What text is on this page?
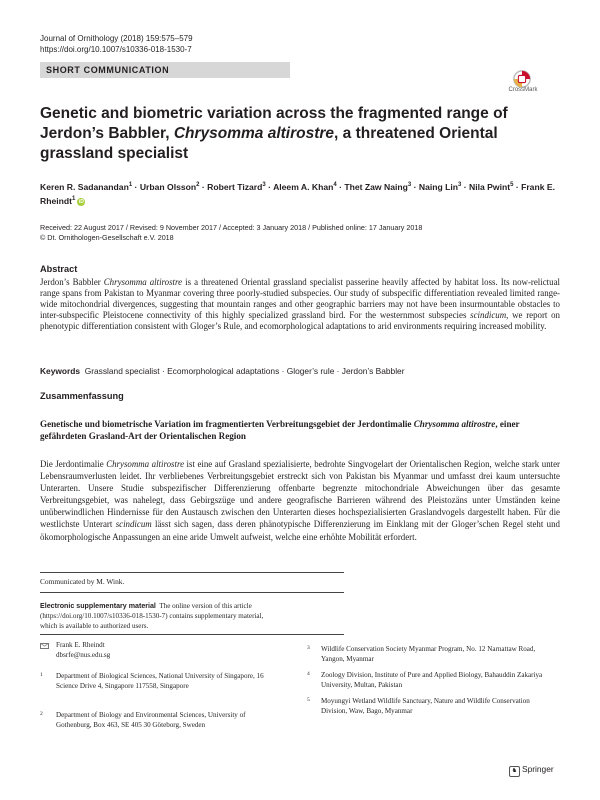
Journal of Ornithology (2018) 159:575–579
https://doi.org/10.1007/s10336-018-1530-7
SHORT COMMUNICATION
CrossMark
Genetic and biometric variation across the fragmented range of Jerdon’s Babbler, Chrysomma altirostre, a threatened Oriental grassland specialist
Keren R. Sadanandan$^1$ · Urban Olsson$^2$ · Robert Tizard$^3$ · Aleem A. Khan$^4$ · Thet Zaw Naing$^3$ · Naing Lin$^3$ · Nila Pwint$^5$ · Frank E. Rheindt$^1$ iD
Received: 22 August 2017 / Revised: 9 November 2017 / Accepted: 3 January 2018 / Published online: 17 January 2018
© Dt. Ornithologen-Gesellschaft e.V. 2018
Abstract
Jerdon’s Babbler Chrysomma altirostre is a threatened Oriental grassland specialist passerine heavily affected by habitat loss. Its now-relictual range spans from Pakistan to Myanmar covering three poorly-studied subspecies. Our study of subspecific differentiation revealed limited range-wide mitochondrial divergences, suggesting that mountain ranges and other geographic barriers may not have been insurmountable obstacles to inter-subspecific Pleistocene connectivity of this highly specialized grassland bird. For the westernmost subspecies scindicum, we report on phenotypic differentiation consistent with Gloger’s Rule, and ecomorphological adaptations to arid environments requiring increased mobility.
Keywords Grassland specialist · Ecomorphological adaptations · Gloger’s rule · Jerdon’s Babbler
Zusammenfassung
Genetische und biometrische Variation im fragmentierten Verbreitungsgebiet der Jerdontimalie Chrysomma altirostre, einer gefährdeten Grasland-Art der Orientalischen Region
Die Jerdontimalie Chrysomma altirostre ist eine auf Grasland spezialisierte, bedrohte Singvogelart der Orientalischen Region, welche stark unter Lebensraumverlusten leidet. Ihr verbliebenes Verbreitungsgebiet erstreckt sich von Pakistan bis Myanmar und umfasst drei kaum untersuchte Unterarten. Unsere Studie subspezifischer Differenzierung offenbarte begrenzte mitochondriale Abweichungen über das gesamte Verbreitungsgebiet, was nahelegt, dass Gebirgszüge und andere geografische Barrieren während des Pleistozäns unter Umständen keine unüberwindlichen Hindernisse für den Austausch zwischen den Unterarten dieses hochspezialisierten Graslandvogels dargestellt haben. Für die westlichste Unterart scindicum lässt sich sagen, dass deren phänotypische Differenzierung im Einklang mit der Gloger’schen Regel steht und ökomorphologische Anpassungen an eine aride Umwelt aufweist, welche eine erhöhte Mobilität erfordert.
Communicated by M. Wink.
Electronic supplementary material The online version of this article (https://doi.org/10.1007/s10336-018-1530-7) contains supplementary material, which is available to authorized users.
Frank E. Rheindt
dbsrfe@nus.edu.sg
1 Department of Biological Sciences, National University of Singapore, 16 Science Drive 4, Singapore 117558, Singapore
2 Department of Biology and Environmental Sciences, University of Gothenburg, Box 463, SE 405 30 Göteborg, Sweden
3 Wildlife Conservation Society Myanmar Program, No. 12 Narnattaw Road, Yangon, Myanmar
4 Zoology Division, Institute of Pure and Applied Biology, Bahauddin Zakariya University, Multan, Pakistan
5 Moyungyi Wetland Wildlife Sanctuary, Nature and Wildlife Conservation Division, Waw, Bago, Myanmar
♞ Springer
